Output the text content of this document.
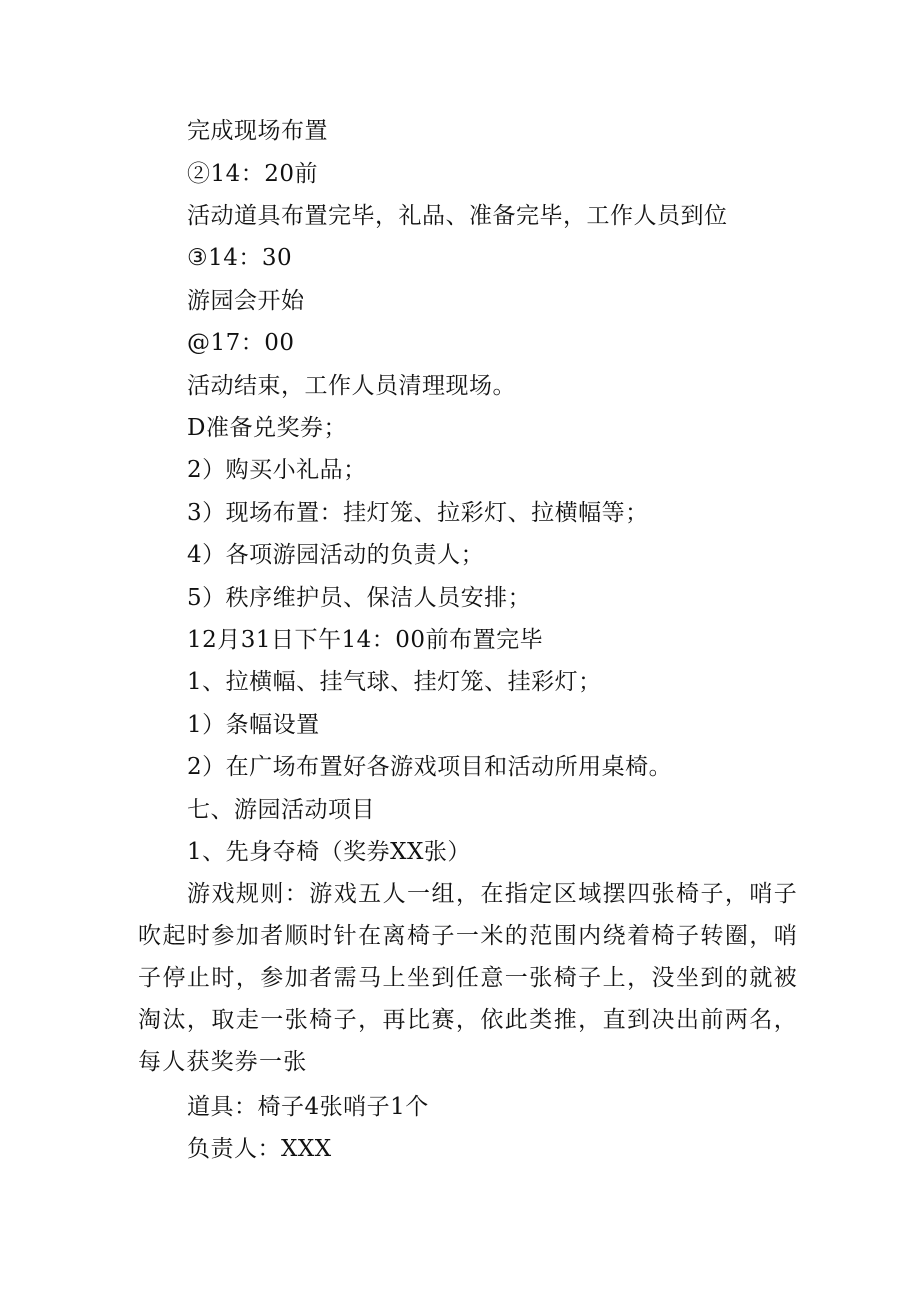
完成现场布置
②14：20前
活动道具布置完毕，礼品、准备完毕，工作人员到位
③14：30
游园会开始
@17：00
活动结束，工作人员清理现场。
D准备兑奖券；
2）购买小礼品；
3）现场布置：挂灯笼、拉彩灯、拉横幅等；
4）各项游园活动的负责人；
5）秩序维护员、保洁人员安排；
12月31日下午14：00前布置完毕
1、拉横幅、挂气球、挂灯笼、挂彩灯；
1）条幅设置
2）在广场布置好各游戏项目和活动所用桌椅。
七、游园活动项目
1、先身夺椅（奖券XX张）
游戏规则：游戏五人一组，在指定区域摆四张椅子，哨子吹起时参加者顺时针在离椅子一米的范围内绕着椅子转圈，哨子停止时，参加者需马上坐到任意一张椅子上，没坐到的就被淘汰，取走一张椅子，再比赛，依此类推，直到决出前两名，每人获奖券一张
道具：椅子4张哨子1个
负责人：XXX
